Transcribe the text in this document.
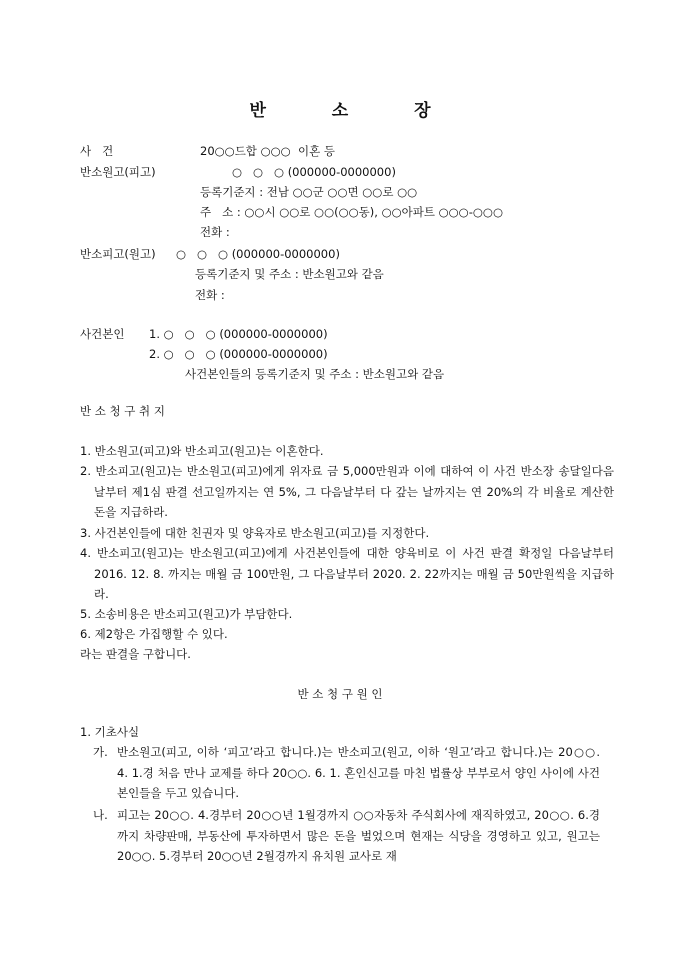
반 소 장
사   건	20○○드합 ○○○  이혼 등
반소원고(피고)	○   ○   ○ (000000-0000000)
등록기준지 : 전남 ○○군 ○○면 ○○로 ○○
주   소 : ○○시 ○○로 ○○(○○동), ○○아파트 ○○○-○○○
전화 :
반소피고(원고) ○   ○   ○ (000000-0000000)
등록기준지 및 주소 : 반소원고와 같음
전화 :
사건본인 1. ○   ○   ○ (000000-0000000)
2. ○   ○   ○ (000000-0000000)
사건본인들의 등록기준지 및 주소 : 반소원고와 같음
반 소 청 구 취 지
1. 반소원고(피고)와 반소피고(원고)는 이혼한다.
2. 반소피고(원고)는 반소원고(피고)에게 위자료 금 5,000만원과 이에 대하여 이 사건 반소장 송달일다음날부터 제1심 판결 선고일까지는 연 5%, 그 다음날부터 다 갚는 날까지는 연 20%의 각 비율로 계산한 돈을 지급하라.
3. 사건본인들에 대한 친권자 및 양육자로 반소원고(피고)를 지정한다.
4. 반소피고(원고)는 반소원고(피고)에게 사건본인들에 대한 양육비로 이 사건 판결 확정일 다음날부터 2016. 12. 8. 까지는 매월 금 100만원, 그 다음날부터 2020. 2. 22까지는 매월 금 50만원씩을 지급하라.
5. 소송비용은 반소피고(원고)가 부담한다.
6. 제2항은 가집행할 수 있다.
라는 판결을 구합니다.
반 소 청 구 원 인
1. 기초사실
가. 반소원고(피고, 이하 ‘피고’라고 합니다.)는 반소피고(원고, 이하 ‘원고’라고 합니다.)는 20○○. 4. 1.경 처음 만나 교제를 하다 20○○. 6. 1. 혼인신고를 마친 법률상 부부로서 양인 사이에 사건본인들을 두고 있습니다.
나. 피고는 20○○. 4.경부터 20○○년 1월경까지 ○○자동차 주식회사에 재직하였고, 20○○. 6.경 까지 차량판매, 부동산에 투자하면서 많은 돈을 벌었으며 현재는 식당을 경영하고 있고, 원고는 20○○. 5.경부터 20○○년 2월경까지 유치원 교사로 재
